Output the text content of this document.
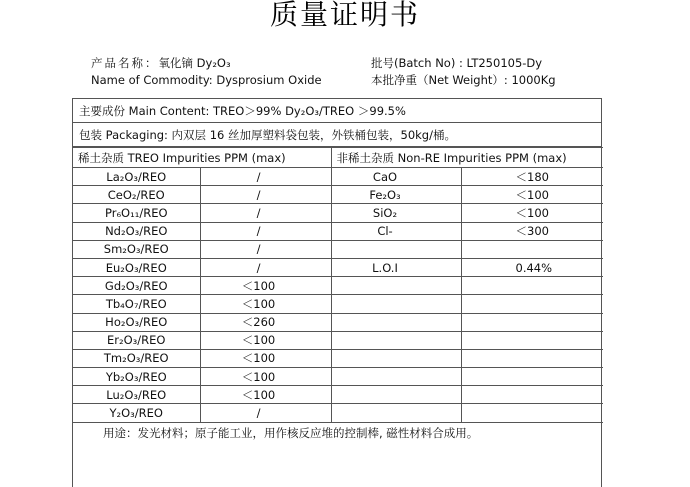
质量证明书
产品名称：氧化镝 Dy₂O₃	批号(Batch No) : LT250105-Dy
Name of Commodity: Dysprosium Oxide	本批净重（Net Weight）: 1000Kg
主要成份 Main Content: TREO＞99% Dy₂O₃/TREO ＞99.5%
包装 Packaging: 内双层 16 丝加厚塑料袋包装，外铁桶包装，50kg/桶。
稀土杂质 TREO Impurities PPM (max)		非稀土杂质 Non-RE Impurities PPM (max)	
La₂O₃/REO	/	CaO	＜180
CeO₂/REO	/	Fe₂O₃	＜100
Pr₆O₁₁/REO	/	SiO₂	＜100
Nd₂O₃/REO	/	Cl-	＜300
Sm₂O₃/REO	/		
Eu₂O₃/REO	/	L.O.I	0.44%
Gd₂O₃/REO	＜100		
Tb₄O₇/REO	＜100		
Ho₂O₃/REO	＜260		
Er₂O₃/REO	＜100		
Tm₂O₃/REO	＜100		
Yb₂O₃/REO	＜100		
Lu₂O₃/REO	＜100		
Y₂O₃/REO	/		
用途：发光材料；原子能工业，用作核反应堆的控制棒, 磁性材料合成用。
